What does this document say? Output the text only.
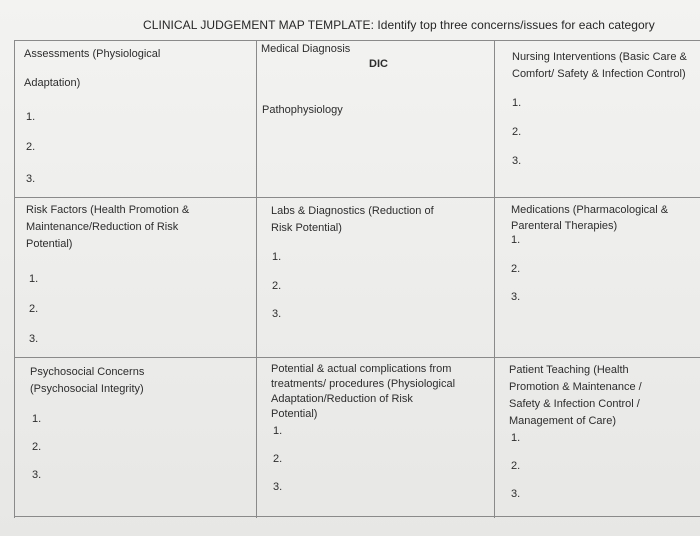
CLINICAL JUDGEMENT MAP TEMPLATE: Identify top three concerns/issues for each category
Assessments (Physiological
Adaptation)
1.
2.
3.
Medical Diagnosis
DIC
Pathophysiology
Nursing Interventions (Basic Care &
Comfort/ Safety & Infection Control)
1.
2.
3.
Risk Factors (Health Promotion &
Maintenance/Reduction of Risk
Potential)
1.
2.
3.
Labs & Diagnostics (Reduction of
Risk Potential)
1.
2.
3.
Medications (Pharmacological &
Parenteral Therapies)
1.
2.
3.
Psychosocial Concerns
(Psychosocial Integrity)
1.
2.
3.
Potential & actual complications from
treatments/ procedures (Physiological
Adaptation/Reduction of Risk
Potential)
1.
2.
3.
Patient Teaching (Health
Promotion & Maintenance /
Safety & Infection Control /
Management of Care)
1.
2.
3.
